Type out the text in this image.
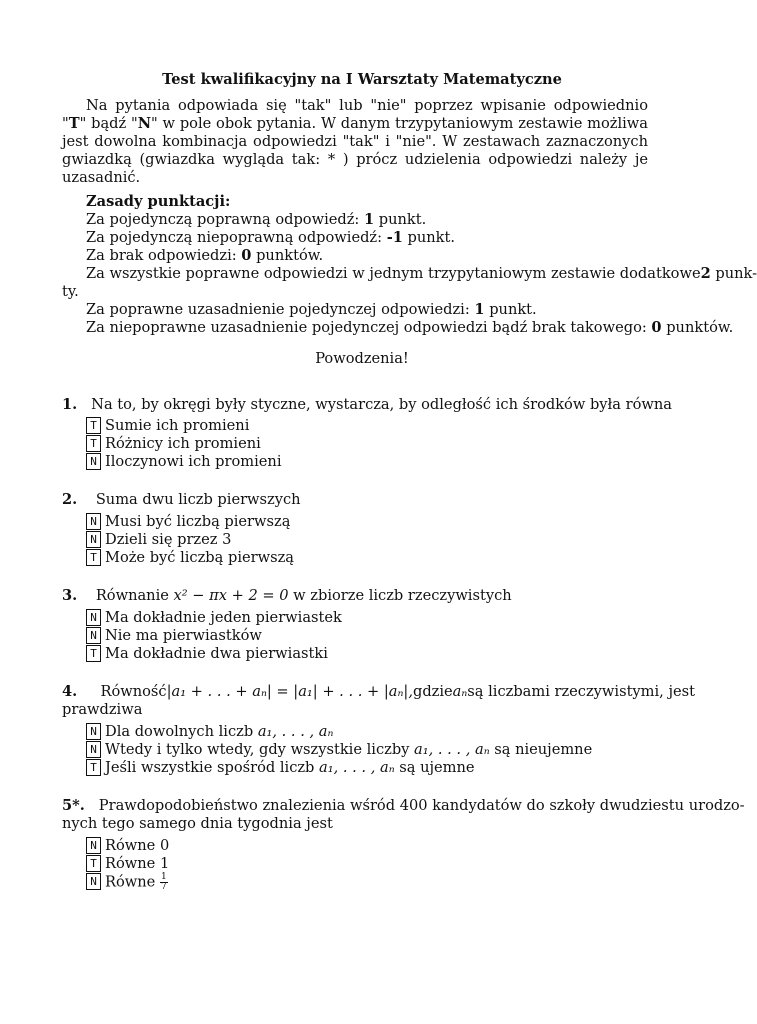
Test kwalifikacyjny na I Warsztaty Matematyczne
Na pytania odpowiada się "tak" lub "nie" poprzez wpisanie odpowiednio "T" bądź "N" w pole obok pytania. W danym trzypytaniowym zestawie możliwa jest dowolna kombinacja odpowiedzi "tak" i "nie". W zestawach zaznaczonych gwiazdką (gwiazdka wygląda tak: * ) prócz udzielenia odpowiedzi należy je uzasadnić.
Zasady punktacji:
Za pojedynczą poprawną odpowiedź: 1 punkt.
Za pojedynczą niepoprawną odpowiedź: -1 punkt.
Za brak odpowiedzi: 0 punktów.
Za wszystkie poprawne odpowiedzi w jednym trzypytaniowym zestawie dodatkowe 2 punk-
ty.
Za poprawne uzasadnienie pojedynczej odpowiedzi: 1 punkt.
Za niepoprawne uzasadnienie pojedynczej odpowiedzi bądź brak takowego: 0 punktów.
Powodzenia!
1. Na to, by okręgi były styczne, wystarcza, by odległość ich środków była równa
T Sumie ich promieni
T Różnicy ich promieni
N Iloczynowi ich promieni
2. Suma dwu liczb pierwszych
N Musi być liczbą pierwszą
N Dzieli się przez 3
T Może być liczbą pierwszą
3. Równanie x² − πx + 2 = 0 w zbiorze liczb rzeczywistych
N Ma dokładnie jeden pierwiastek
N Nie ma pierwiastków
T Ma dokładnie dwa pierwiastki
4. Równość |a₁ + . . . + aₙ| = |a₁| + . . . + |aₙ|, gdzie aₙ są liczbami rzeczywistymi, jest
prawdziwa
N Dla dowolnych liczb a₁, . . . , aₙ
N Wtedy i tylko wtedy, gdy wszystkie liczby a₁, . . . , aₙ są nieujemne
T Jeśli wszystkie spośród liczb a₁, . . . , aₙ są ujemne
5*. Prawdopodobieństwo znalezienia wśród 400 kandydatów do szkoły dwudziestu urodzo-
nych tego samego dnia tygodnia jest
N Równe 0
T Równe 1
N Równe $\frac{1}{7}$
